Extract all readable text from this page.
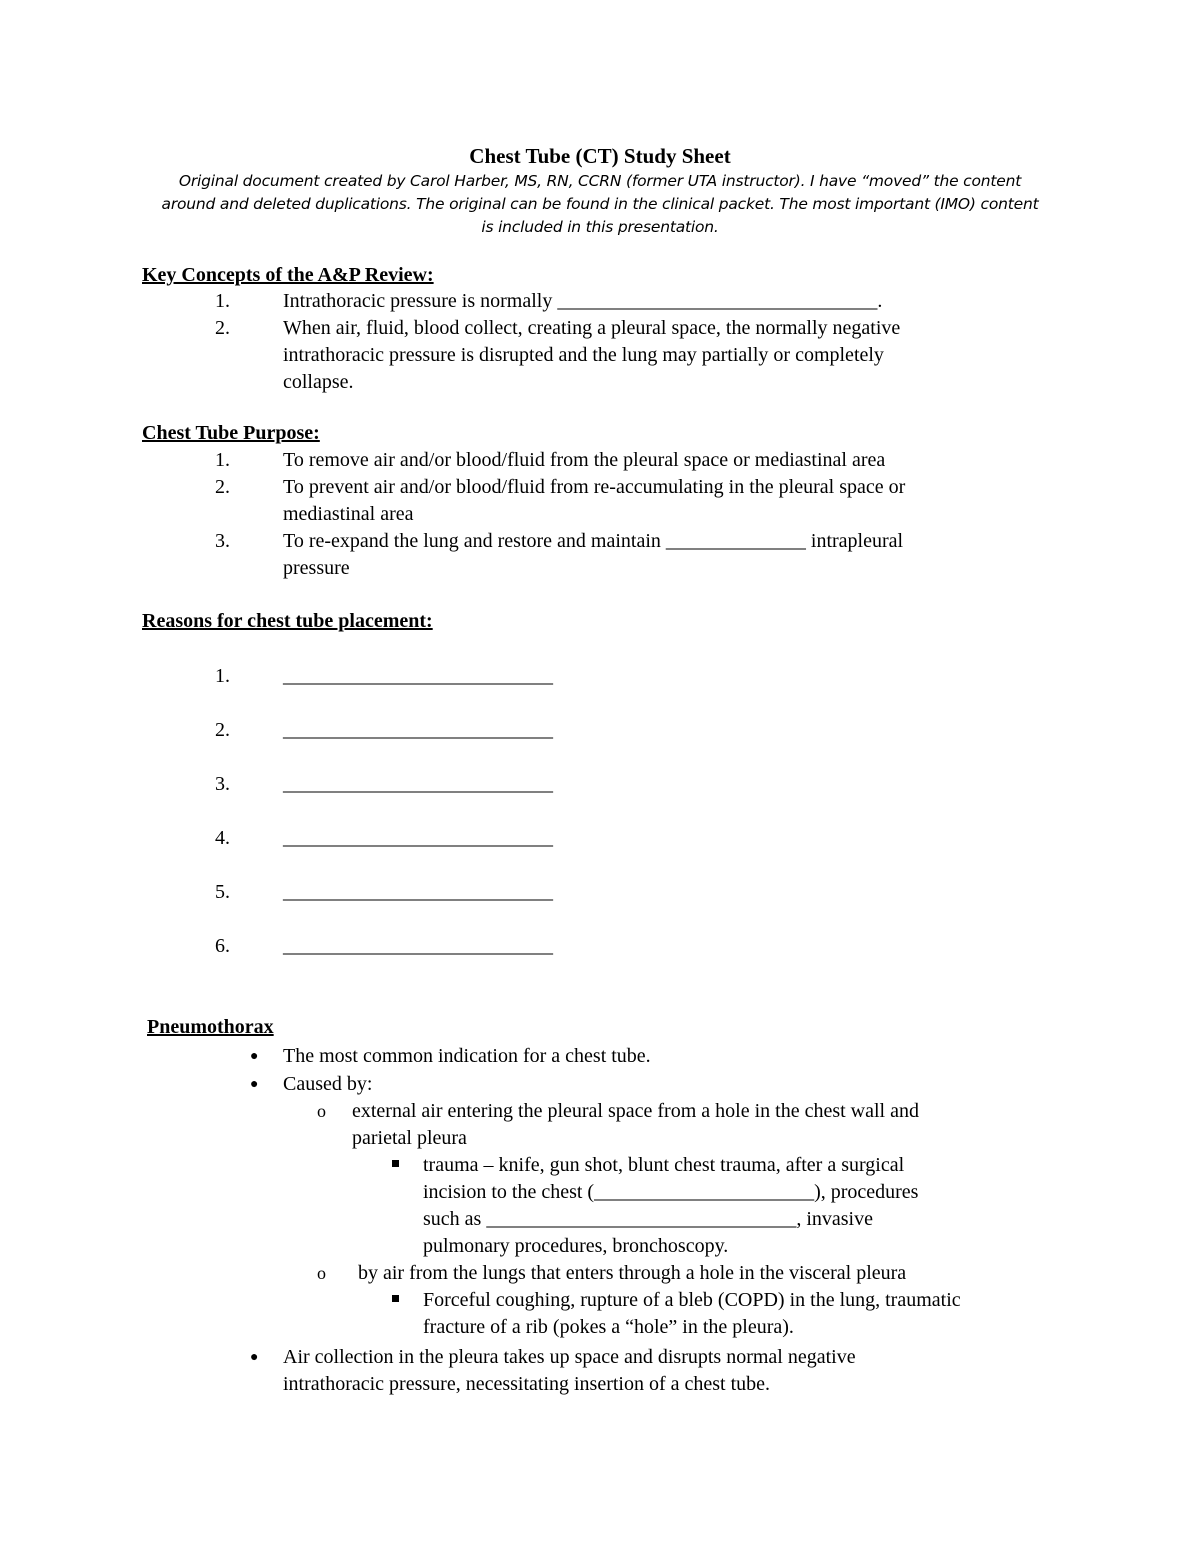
Chest Tube (CT) Study Sheet
Original document created by Carol Harber, MS, RN, CCRN (former UTA instructor). I have “moved” the content
around and deleted duplications. The original can be found in the clinical packet. The most important (IMO) content
is included in this presentation.
Key Concepts of the A&P Review:
1.	Intrathoracic pressure is normally ________________________________.
2.	When air, fluid, blood collect, creating a pleural space, the normally negative
intrathoracic pressure is disrupted and the lung may partially or completely
collapse.
Chest Tube Purpose:
1.	To remove air and/or blood/fluid from the pleural space or mediastinal area
2.	To prevent air and/or blood/fluid from re-accumulating in the pleural space or
mediastinal area
3.	To re-expand the lung and restore and maintain ______________ intrapleural
pressure
Reasons for chest tube placement:
1.	___________________________
2.	___________________________
3.	___________________________
4.	___________________________
5.	___________________________
6.	___________________________
Pneumothorax
● The most common indication for a chest tube.
● Caused by:
o external air entering the pleural space from a hole in the chest wall and
parietal pleura
trauma – knife, gun shot, blunt chest trauma, after a surgical
incision to the chest (______________________), procedures
such as _______________________________, invasive
pulmonary procedures, bronchoscopy.
o by air from the lungs that enters through a hole in the visceral pleura
Forceful coughing, rupture of a bleb (COPD) in the lung, traumatic
fracture of a rib (pokes a “hole” in the pleura).
● Air collection in the pleura takes up space and disrupts normal negative
intrathoracic pressure, necessitating insertion of a chest tube.
